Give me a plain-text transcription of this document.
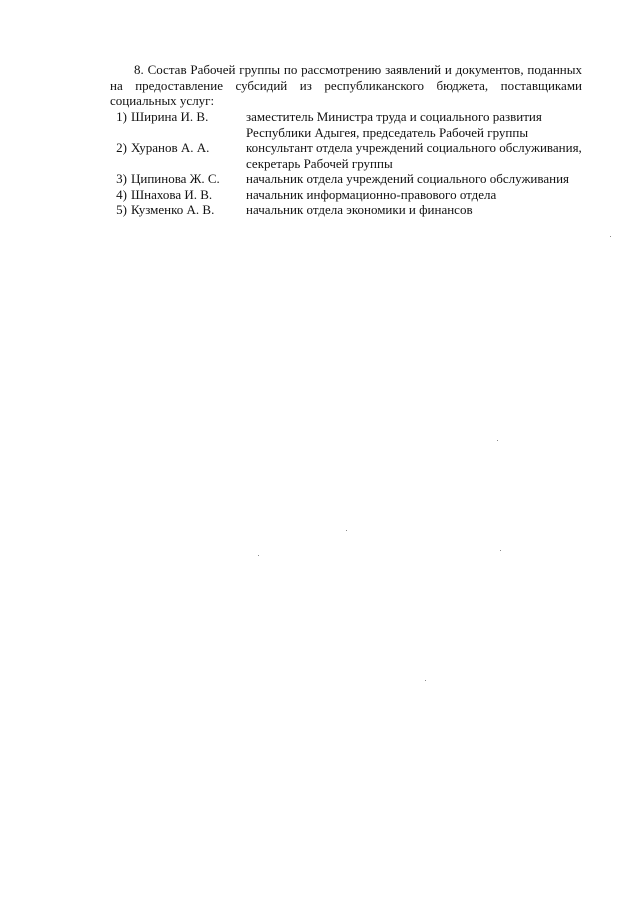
8. Состав Рабочей группы по рассмотрению заявлений и документов, поданных на предоставление субсидий из республиканского бюджета, поставщиками социальных услуг:

1) Ширина И. В.	заместитель Министра труда и социального развития Республики Адыгея, председатель Рабочей группы
2) Хуранов А. А.	консультант отдела учреждений социального обслуживания, секретарь Рабочей группы
3) Ципинова Ж. С.	начальник отдела учреждений социального обслуживания
4) Шнахова И. В.	начальник информационно-правового отдела
5) Кузменко А. В.	начальник отдела экономики и финансов
